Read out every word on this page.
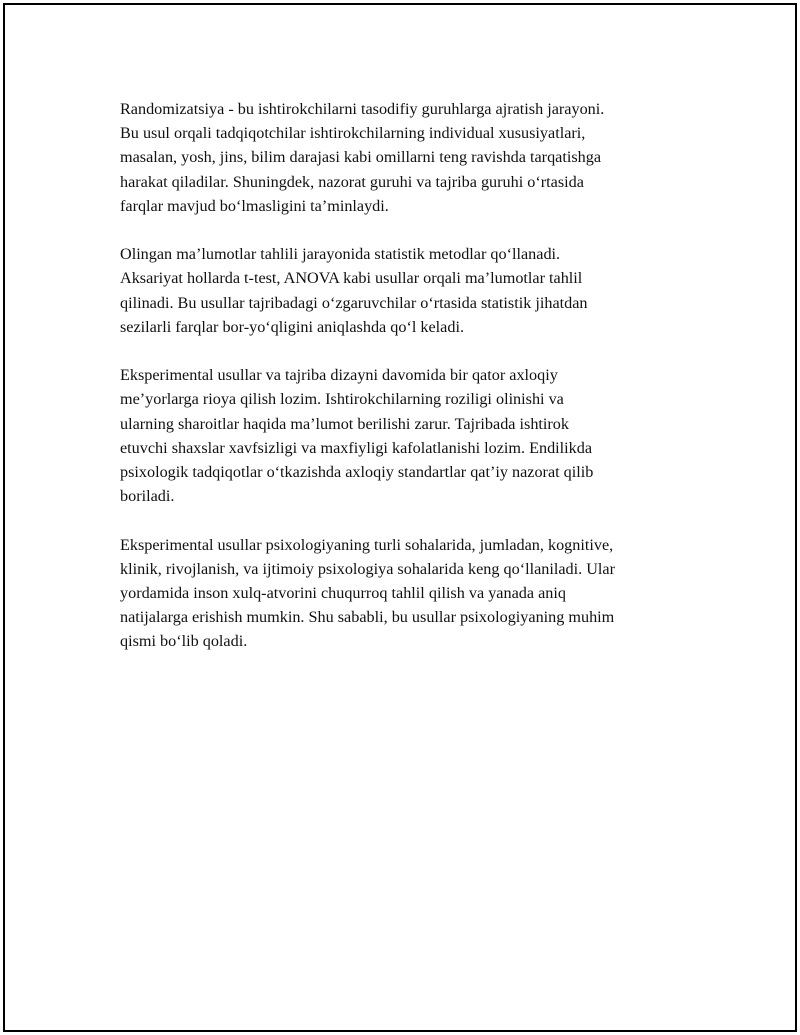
Randomizatsiya - bu ishtirokchilarni tasodifiy guruhlarga ajratish jarayoni.
Bu usul orqali tadqiqotchilar ishtirokchilarning individual xususiyatlari,
masalan, yosh, jins, bilim darajasi kabi omillarni teng ravishda tarqatishga
harakat qiladilar. Shuningdek, nazorat guruhi va tajriba guruhi o‘rtasida
farqlar mavjud bo‘lmasligini ta’minlaydi.

Olingan ma’lumotlar tahlili jarayonida statistik metodlar qo‘llanadi.
Aksariyat hollarda t-test, ANOVA kabi usullar orqali ma’lumotlar tahlil
qilinadi. Bu usullar tajribadagi o‘zgaruvchilar o‘rtasida statistik jihatdan
sezilarli farqlar bor-yo‘qligini aniqlashda qo‘l keladi.

Eksperimental usullar va tajriba dizayni davomida bir qator axloqiy
me’yorlarga rioya qilish lozim. Ishtirokchilarning roziligi olinishi va
ularning sharoitlar haqida ma’lumot berilishi zarur. Tajribada ishtirok
etuvchi shaxslar xavfsizligi va maxfiyligi kafolatlanishi lozim. Endilikda
psixologik tadqiqotlar o‘tkazishda axloqiy standartlar qat’iy nazorat qilib
boriladi.

Eksperimental usullar psixologiyaning turli sohalarida, jumladan, kognitive,
klinik, rivojlanish, va ijtimoiy psixologiya sohalarida keng qo‘llaniladi. Ular
yordamida inson xulq-atvorini chuqurroq tahlil qilish va yanada aniq
natijalarga erishish mumkin. Shu sababli, bu usullar psixologiyaning muhim
qismi bo‘lib qoladi.
